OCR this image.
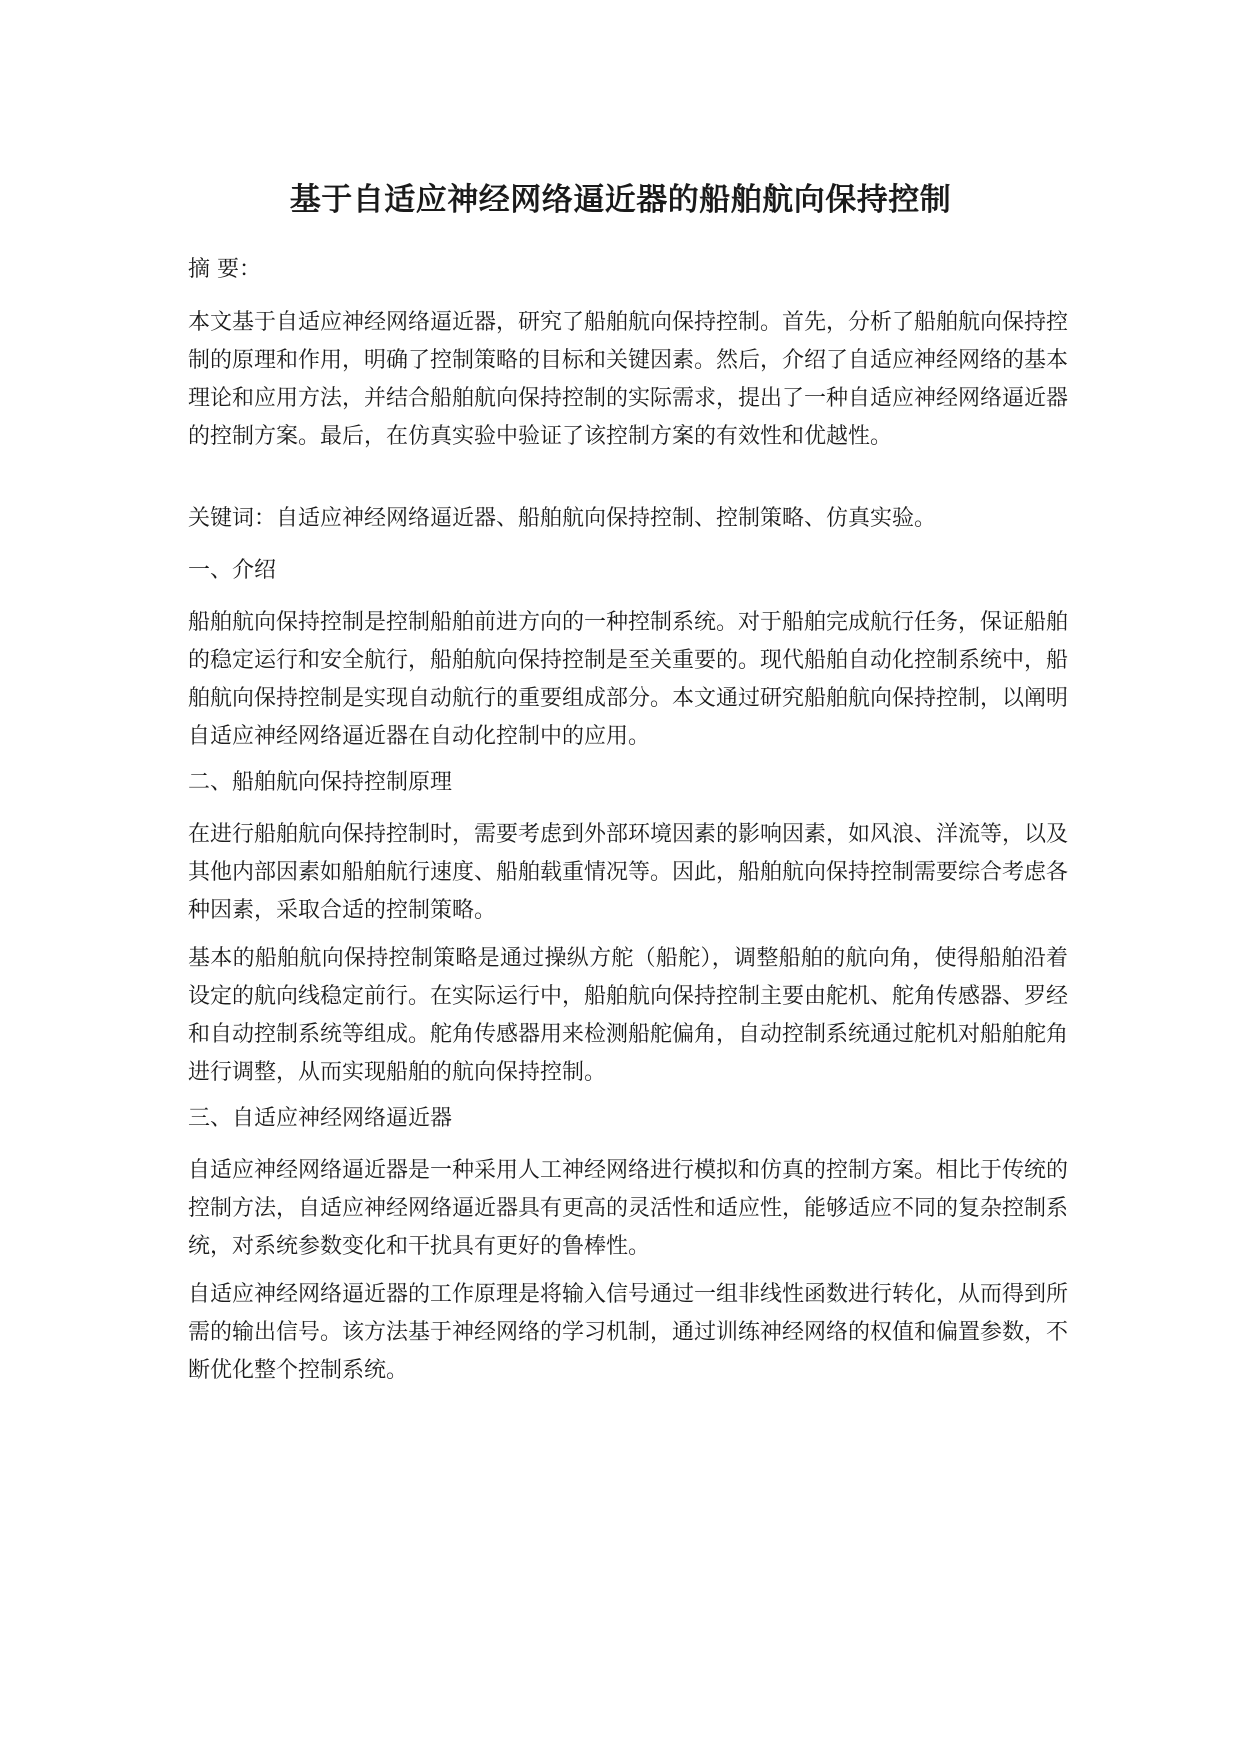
基于自适应神经网络逼近器的船舶航向保持控制

摘 要：

本文基于自适应神经网络逼近器，研究了船舶航向保持控制。首先，分析了船舶航向保持控制的原理和作用，明确了控制策略的目标和关键因素。然后，介绍了自适应神经网络的基本理论和应用方法，并结合船舶航向保持控制的实际需求，提出了一种自适应神经网络逼近器的控制方案。最后，在仿真实验中验证了该控制方案的有效性和优越性。

关键词：自适应神经网络逼近器、船舶航向保持控制、控制策略、仿真实验。

一、介绍

船舶航向保持控制是控制船舶前进方向的一种控制系统。对于船舶完成航行任务，保证船舶的稳定运行和安全航行，船舶航向保持控制是至关重要的。现代船舶自动化控制系统中，船舶航向保持控制是实现自动航行的重要组成部分。本文通过研究船舶航向保持控制，以阐明自适应神经网络逼近器在自动化控制中的应用。

二、船舶航向保持控制原理

在进行船舶航向保持控制时，需要考虑到外部环境因素的影响因素，如风浪、洋流等，以及其他内部因素如船舶航行速度、船舶载重情况等。因此，船舶航向保持控制需要综合考虑各种因素，采取合适的控制策略。

基本的船舶航向保持控制策略是通过操纵方舵（船舵），调整船舶的航向角，使得船舶沿着设定的航向线稳定前行。在实际运行中，船舶航向保持控制主要由舵机、舵角传感器、罗经和自动控制系统等组成。舵角传感器用来检测船舵偏角，自动控制系统通过舵机对船舶舵角进行调整，从而实现船舶的航向保持控制。

三、自适应神经网络逼近器

自适应神经网络逼近器是一种采用人工神经网络进行模拟和仿真的控制方案。相比于传统的控制方法，自适应神经网络逼近器具有更高的灵活性和适应性，能够适应不同的复杂控制系统，对系统参数变化和干扰具有更好的鲁棒性。

自适应神经网络逼近器的工作原理是将输入信号通过一组非线性函数进行转化，从而得到所需的输出信号。该方法基于神经网络的学习机制，通过训练神经网络的权值和偏置参数，不断优化整个控制系统。
